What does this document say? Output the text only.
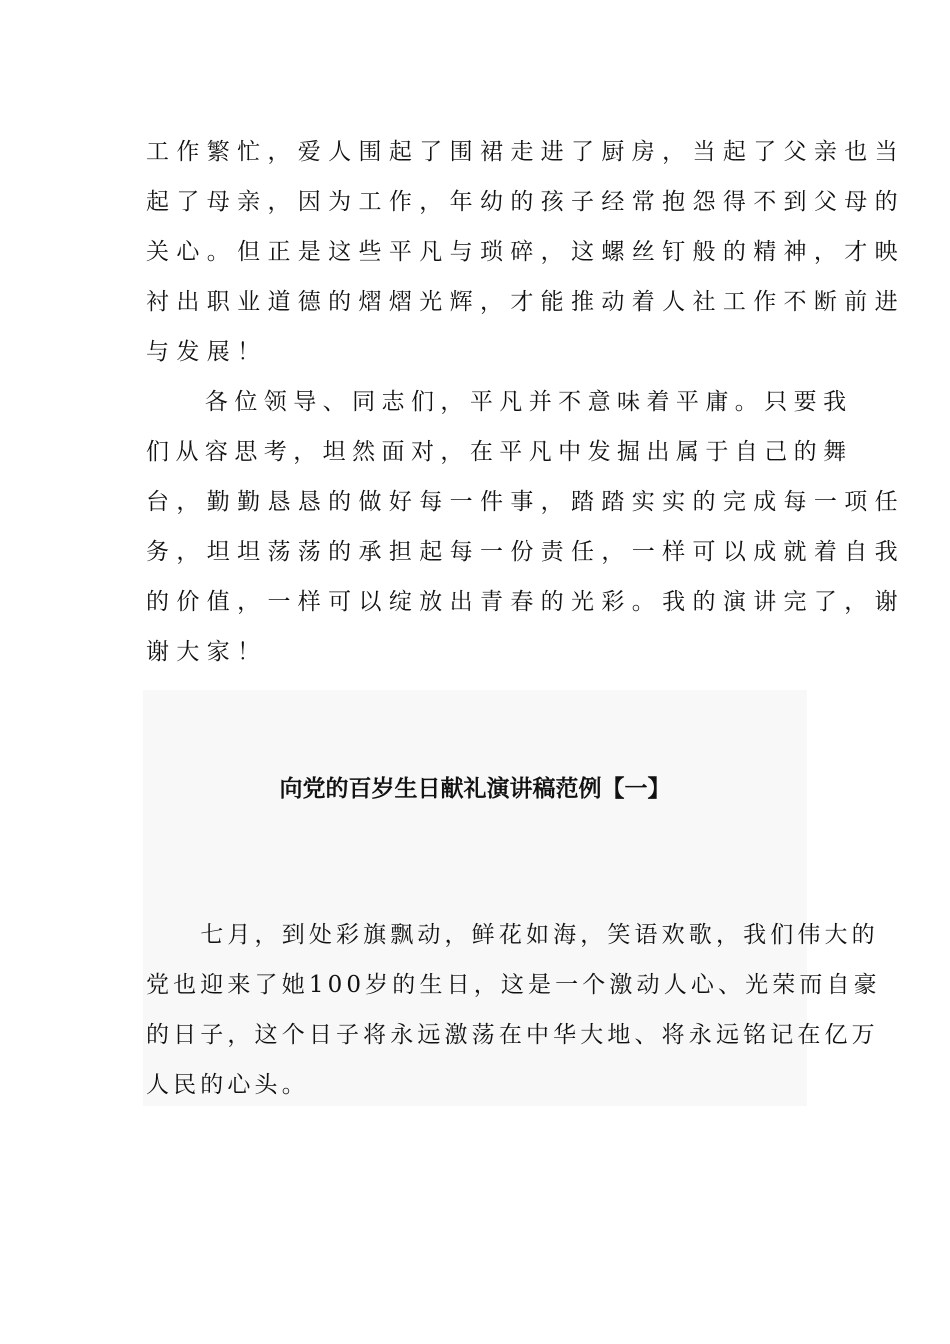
工作繁忙，爱人围起了围裙走进了厨房，当起了父亲也当
起了母亲，因为工作，年幼的孩子经常抱怨得不到父母的
关心。但正是这些平凡与琐碎，这螺丝钉般的精神，才映
衬出职业道德的熠熠光辉，才能推动着人社工作不断前进
与发展！
　　各位领导、同志们，平凡并不意味着平庸。只要我
们从容思考，坦然面对，在平凡中发掘出属于自己的舞
台，勤勤恳恳的做好每一件事，踏踏实实的完成每一项任
务，坦坦荡荡的承担起每一份责任，一样可以成就着自我
的价值，一样可以绽放出青春的光彩。我的演讲完了，谢
谢大家！
向党的百岁生日献礼演讲稿范例【一】
　　七月，到处彩旗飘动，鲜花如海，笑语欢歌，我们伟大的
党也迎来了她100岁的生日，这是一个激动人心、光荣而自豪
的日子，这个日子将永远激荡在中华大地、将永远铭记在亿万
人民的心头。
